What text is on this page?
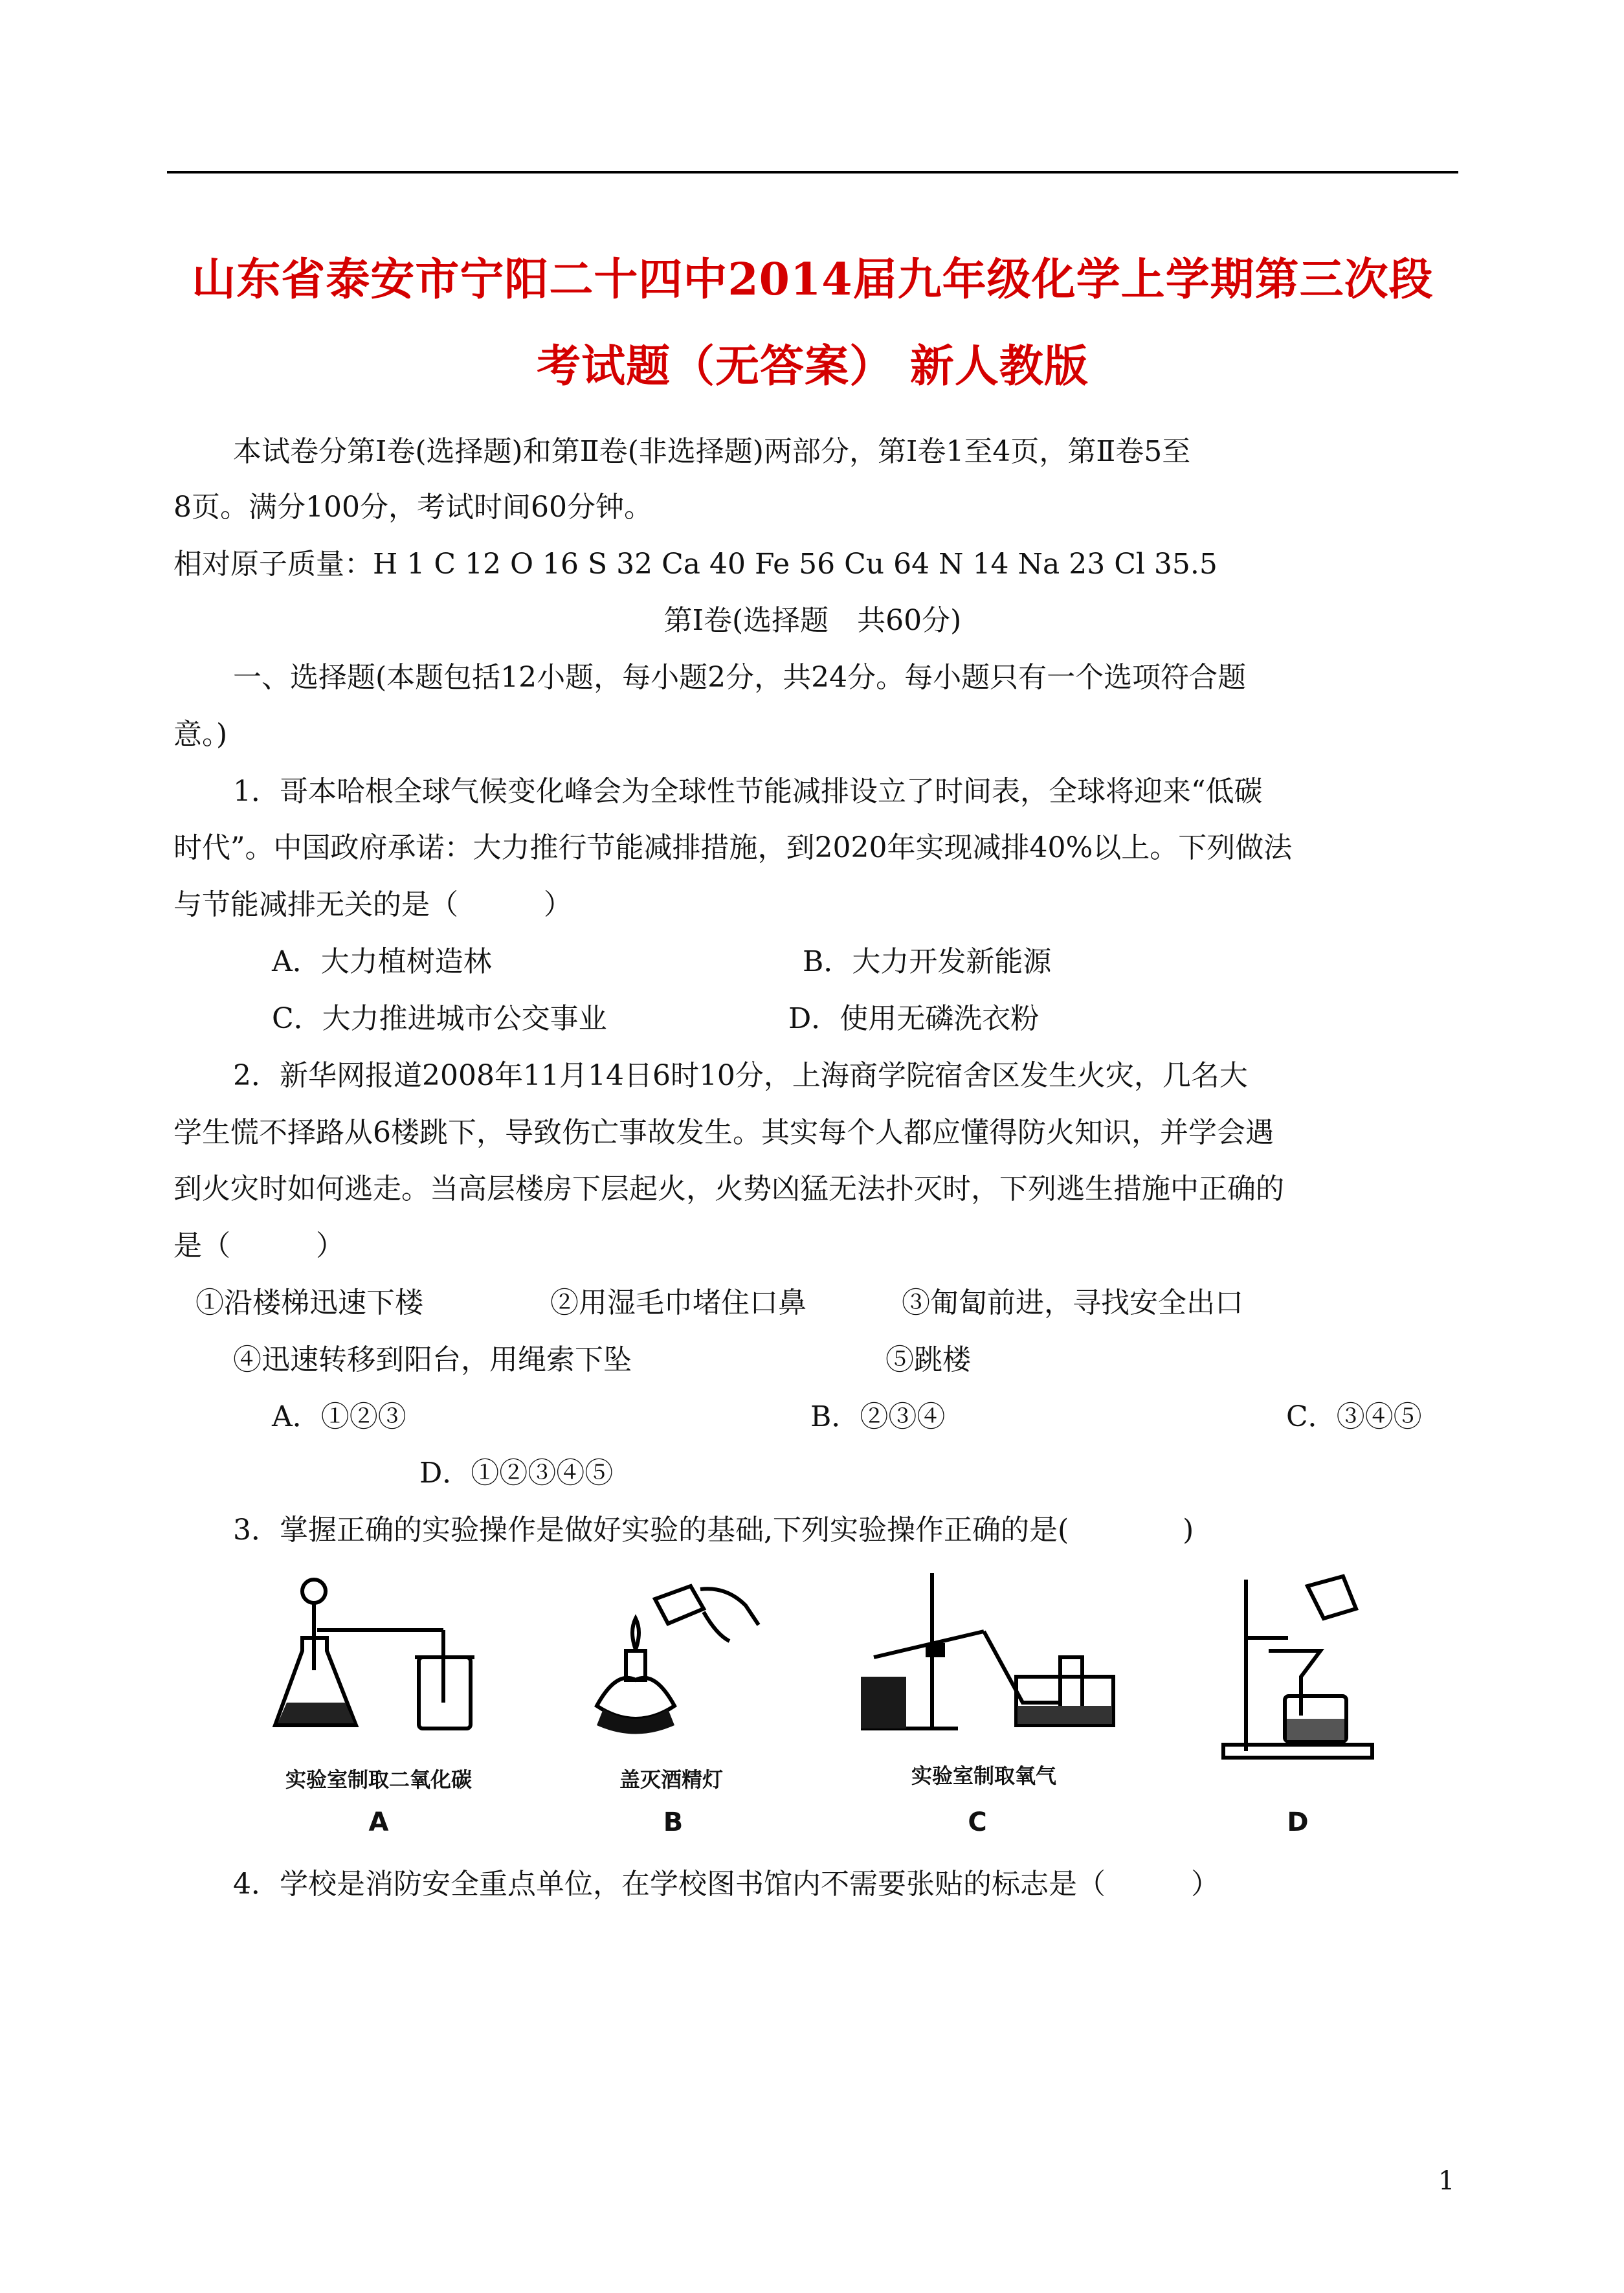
山东省泰安市宁阳二十四中2014届九年级化学上学期第三次段
考试题（无答案） 新人教版
本试卷分第Ⅰ卷(选择题)和第Ⅱ卷(非选择题)两部分，第Ⅰ卷1至4页，第Ⅱ卷5至
8页。满分100分，考试时间60分钟。
相对原子质量：H 1 C 12 O 16 S 32 Ca 40 Fe 56 Cu 64 N 14 Na 23 Cl 35.5
第Ⅰ卷(选择题　共60分)
一、选择题(本题包括12小题，每小题2分，共24分。每小题只有一个选项符合题
意。)
1．哥本哈根全球气候变化峰会为全球性节能减排设立了时间表，全球将迎来“低碳
时代”。中国政府承诺：大力推行节能减排措施，到2020年实现减排40%以上。下列做法
与节能减排无关的是（　　　）
A．大力植树造林	B．大力开发新能源
C．大力推进城市公交事业	D．使用无磷洗衣粉
2．新华网报道2008年11月14日6时10分，上海商学院宿舍区发生火灾，几名大
学生慌不择路从6楼跳下，导致伤亡事故发生。其实每个人都应懂得防火知识，并学会遇
到火灾时如何逃走。当高层楼房下层起火，火势凶猛无法扑灭时，下列逃生措施中正确的
是（　　　）
①沿楼梯迅速下楼	②用湿毛巾堵住口鼻	③匍匐前进，寻找安全出口
④迅速转移到阳台，用绳索下坠	⑤跳楼
A．①②③	B．②③④	C．③④⑤
D．①②③④⑤
3．掌握正确的实验操作是做好实验的基础,下列实验操作正确的是(　　　　)
实验室制取二氧化碳
A
盖灭酒精灯
B
实验室制取氧气
C	D
4．学校是消防安全重点单位，在学校图书馆内不需要张贴的标志是（　　　）
1
